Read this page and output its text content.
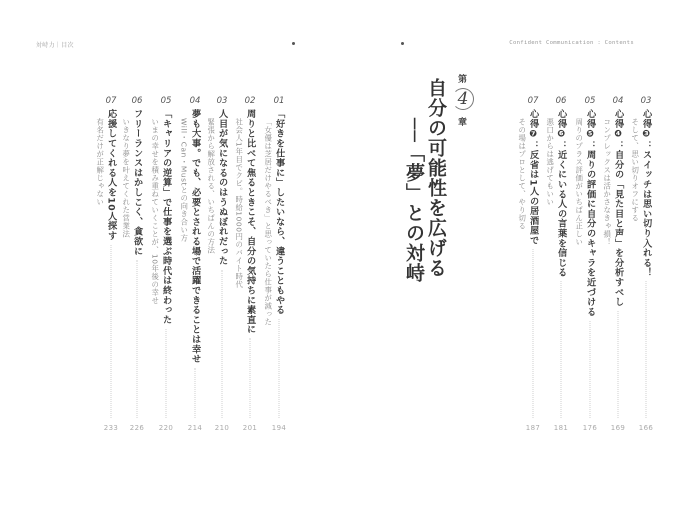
対峙力｜目次	Confident Communication : Contents
第
4
章
自分の可能性を広げる
──「夢」との対峙
03
心得❸：スイッチは思い切り入れる！
そして、思い切りオフにする
166
04
心得❹：自分の「見た目と声」を分析すべし
コンプレックスは活かさなきゃ損！
169
05
心得❺：周りの評価に自分のキャラを近づける
周りのプラス評価がいちばん正しい
176
06
心得❻：近くにいる人の言葉を信じる
悪口からは逃げてもいい
181
07
心得❼：反省は1人の居酒屋で
その場はプロとして、やり切る
187
01
「好きを仕事に」したいなら、違うこともやる
「女優は芝居だけやるべき」と思っていたら仕事が減った
194
02
周りと比べて焦るときこそ、自分の気持ちに素直に
社会人1年目でクビ。時給1000円のバイト時代
201
03
人目が気になるのはうぬぼれだった
緊張から解放される、いちばんの方法
210
04
夢も大事。でも、必要とされる場で活躍できることは幸せ
Will・Can・Mustとの向き合い方
214
05
「キャリアの逆算」で仕事を選ぶ時代は終わった
いまの幸せを積み重ねていくことが、10年後の幸せ
220
06
フリーランスはかしこく、貪欲に
いきなり夢を叶えてくれた営業法
226
07
応援してくれる人を10人探す
有名だけが正解じゃない
233
